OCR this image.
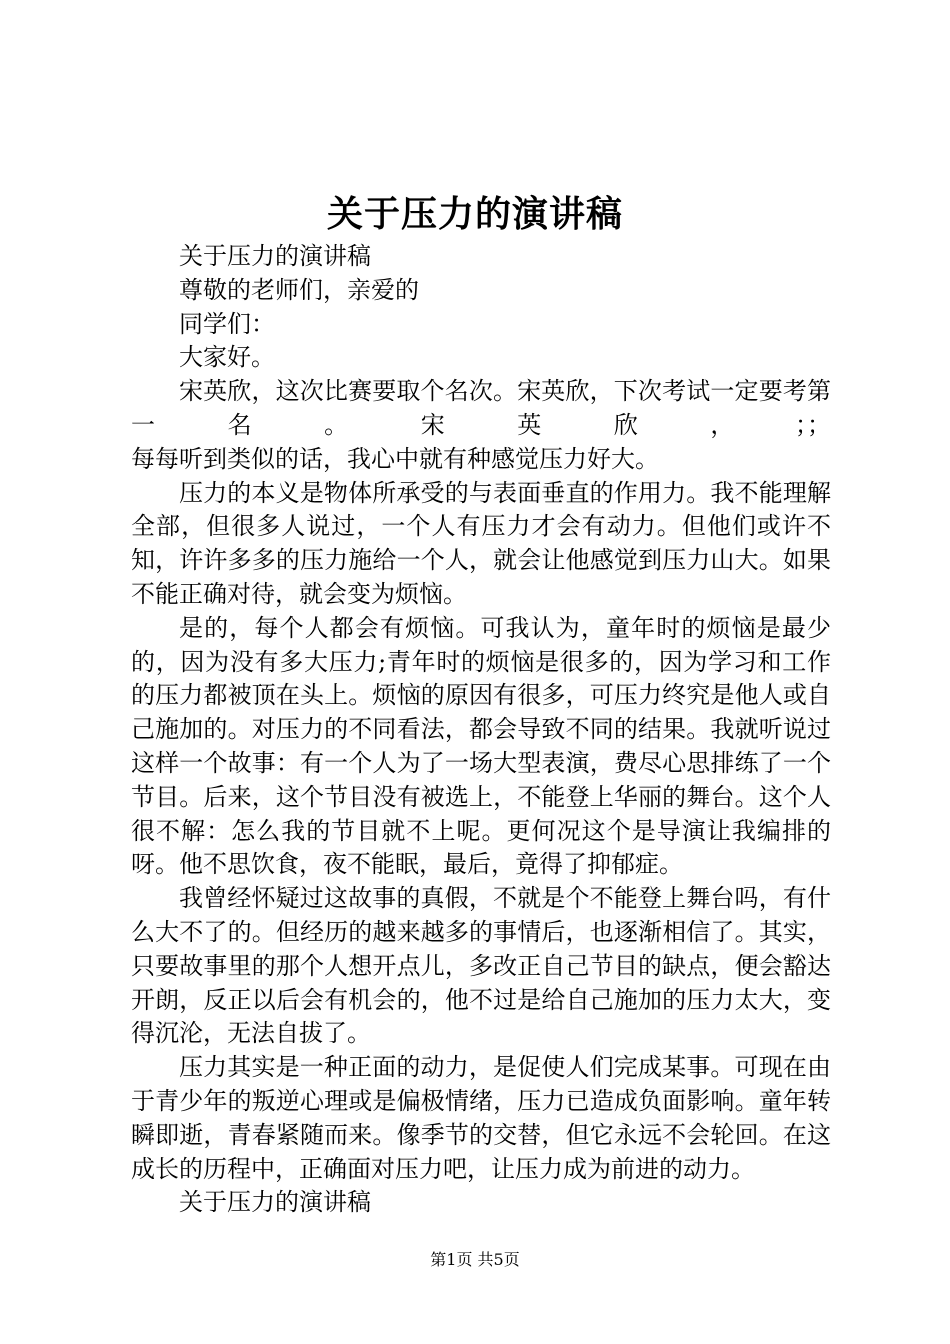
关于压力的演讲稿

关于压力的演讲稿

尊敬的老师们，亲爱的

同学们：

大家好。

宋英欣，这次比赛要取个名次。宋英欣，下次考试一定要考第一名。宋英欣，；；

每每听到类似的话，我心中就有种感觉压力好大。

压力的本义是物体所承受的与表面垂直的作用力。我不能理解全部，但很多人说过，一个人有压力才会有动力。但他们或许不知，许许多多的压力施给一个人，就会让他感觉到压力山大。如果不能正确对待，就会变为烦恼。

是的，每个人都会有烦恼。可我认为，童年时的烦恼是最少的，因为没有多大压力;青年时的烦恼是很多的，因为学习和工作的压力都被顶在头上。烦恼的原因有很多，可压力终究是他人或自己施加的。对压力的不同看法，都会导致不同的结果。我就听说过这样一个故事：有一个人为了一场大型表演，费尽心思排练了一个节目。后来，这个节目没有被选上，不能登上华丽的舞台。这个人很不解：怎么我的节目就不上呢。更何况这个是导演让我编排的呀。他不思饮食，夜不能眠，最后，竟得了抑郁症。

我曾经怀疑过这故事的真假，不就是个不能登上舞台吗，有什么大不了的。但经历的越来越多的事情后，也逐渐相信了。其实，只要故事里的那个人想开点儿，多改正自己节目的缺点，便会豁达开朗，反正以后会有机会的，他不过是给自己施加的压力太大，变得沉沦，无法自拔了。

压力其实是一种正面的动力，是促使人们完成某事。可现在由于青少年的叛逆心理或是偏极情绪，压力已造成负面影响。童年转瞬即逝，青春紧随而来。像季节的交替，但它永远不会轮回。在这成长的历程中，正确面对压力吧，让压力成为前进的动力。

关于压力的演讲稿

第1页 共5页
